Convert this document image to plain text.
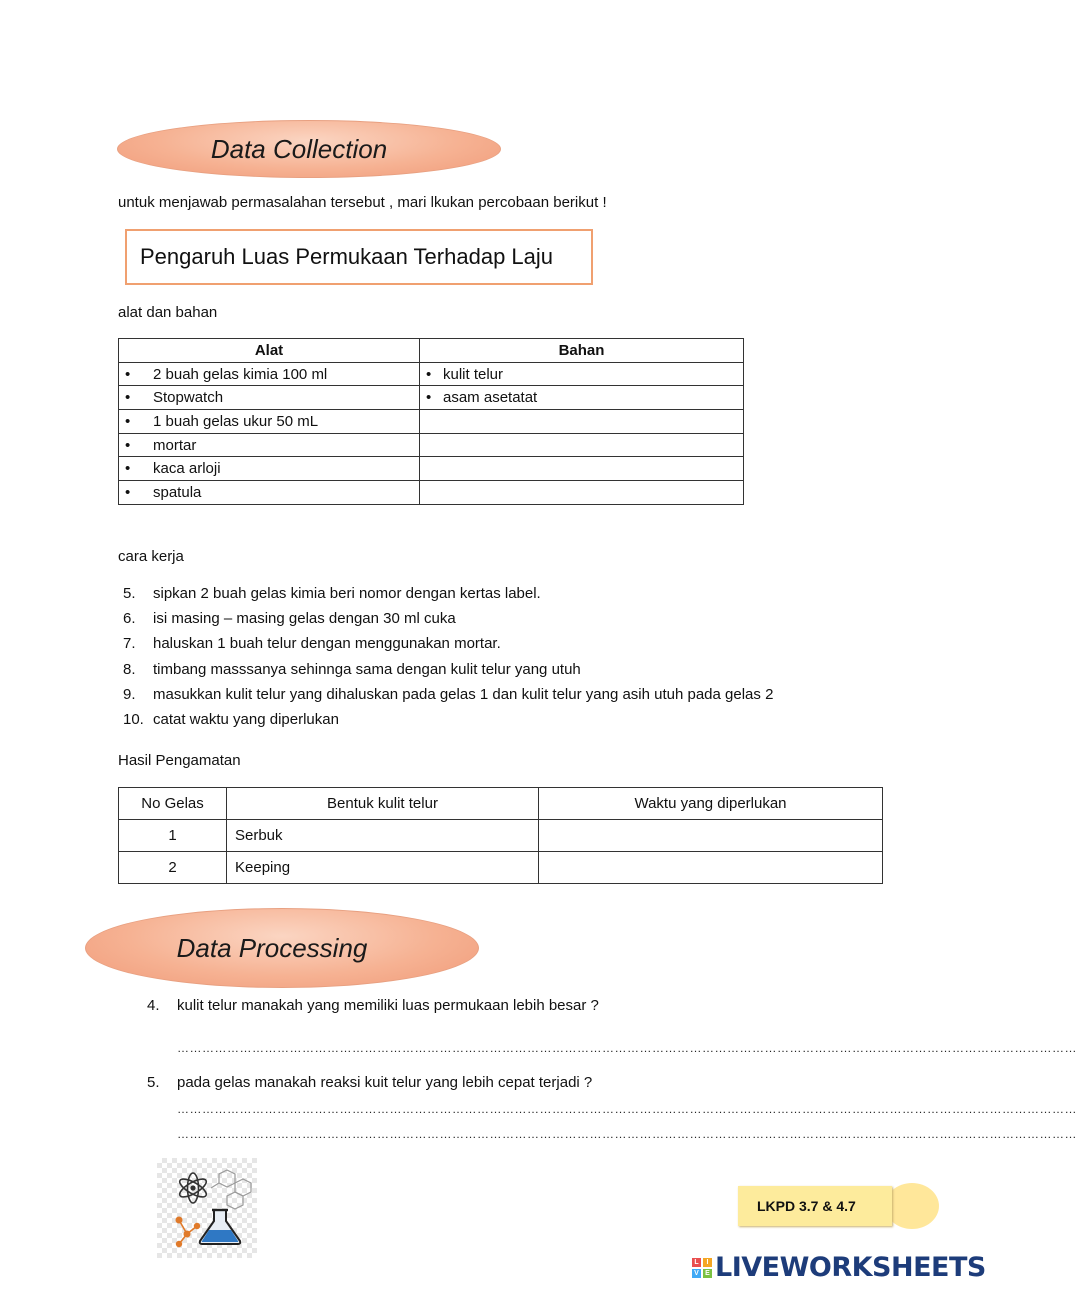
Data Collection
untuk menjawab permasalahan tersebut , mari lkukan percobaan berikut !
Pengaruh Luas Permukaan Terhadap Laju
alat dan bahan
Alat	Bahan
• 2 buah gelas kimia 100 ml	• kulit telur
• Stopwatch	• asam asetatat
• 1 buah gelas ukur 50 mL	
• mortar	
• kaca arloji	
• spatula	
cara kerja
5. sipkan 2 buah gelas kimia beri nomor dengan kertas label.
6. isi masing – masing gelas dengan 30 ml cuka
7. haluskan 1 buah telur dengan menggunakan mortar.
8. timbang masssanya sehinnga sama dengan kulit telur yang utuh
9. masukkan kulit telur yang dihaluskan pada gelas 1 dan kulit telur yang asih utuh pada gelas 2
10. catat waktu yang diperlukan
Hasil Pengamatan
No Gelas	Bentuk kulit telur	Waktu yang diperlukan
1	Serbuk	
2	Keeping	
Data Processing
4. kulit telur manakah yang memiliki luas permukaan lebih besar ?
………………………………………………………………………………………………………………………………………………………………………………………………
5. pada gelas manakah reaksi kuit telur yang lebih cepat terjadi ?
………………………………………………………………………………………………………………………………………………………………………………………………
………………………………………………………………………………………………………………………………………………………………………………………………
LKPD 3.7 & 4.7
L	I
V E LIVEWORKSHEETS
